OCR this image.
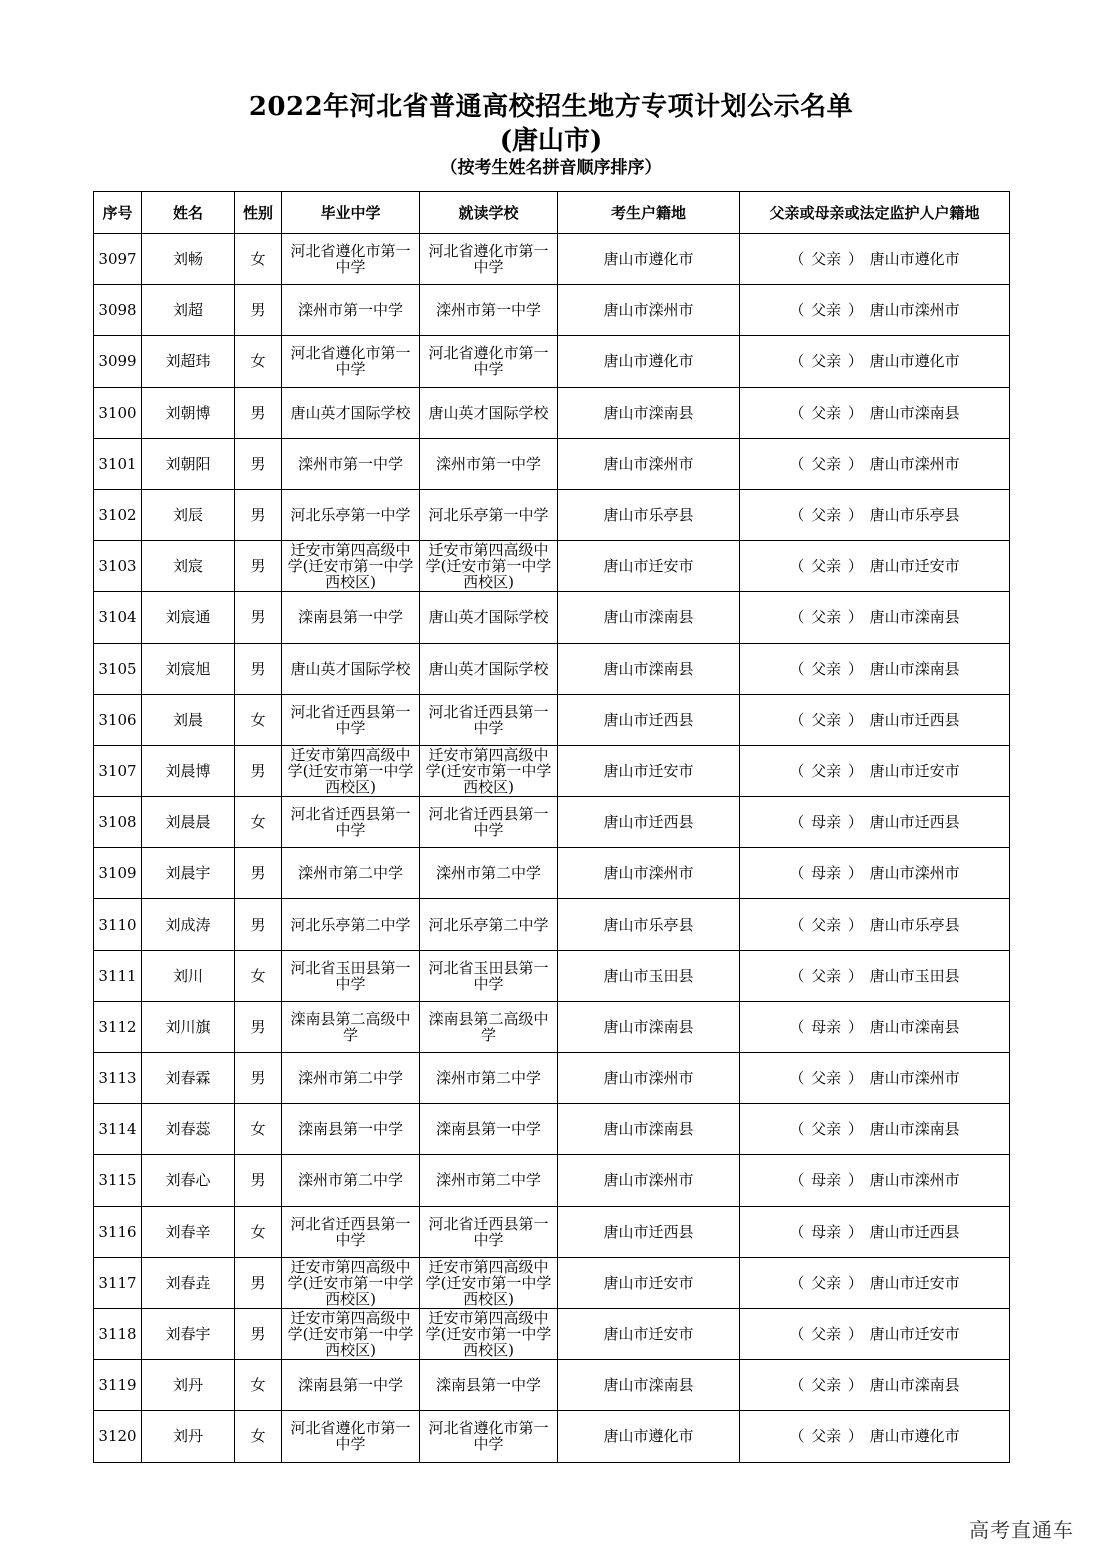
2022年河北省普通高校招生地方专项计划公示名单
(唐山市)
（按考生姓名拼音顺序排序）
序号	姓名	性别	毕业中学	就读学校	考生户籍地	父亲或母亲或法定监护人户籍地
3097	刘畅	女	河北省遵化市第一中学	河北省遵化市第一中学	唐山市遵化市	（ 父亲 ） 唐山市遵化市
3098	刘超	男	滦州市第一中学	滦州市第一中学	唐山市滦州市	（ 父亲 ） 唐山市滦州市
3099	刘超玮	女	河北省遵化市第一中学	河北省遵化市第一中学	唐山市遵化市	（ 父亲 ） 唐山市遵化市
3100	刘朝博	男	唐山英才国际学校	唐山英才国际学校	唐山市滦南县	（ 父亲 ） 唐山市滦南县
3101	刘朝阳	男	滦州市第一中学	滦州市第一中学	唐山市滦州市	（ 父亲 ） 唐山市滦州市
3102	刘辰	男	河北乐亭第一中学	河北乐亭第一中学	唐山市乐亭县	（ 父亲 ） 唐山市乐亭县
3103	刘宸	男	迁安市第四高级中学(迁安市第一中学西校区)	迁安市第四高级中学(迁安市第一中学西校区)	唐山市迁安市	（ 父亲 ） 唐山市迁安市
3104	刘宸通	男	滦南县第一中学	唐山英才国际学校	唐山市滦南县	（ 父亲 ） 唐山市滦南县
3105	刘宸旭	男	唐山英才国际学校	唐山英才国际学校	唐山市滦南县	（ 父亲 ） 唐山市滦南县
3106	刘晨	女	河北省迁西县第一中学	河北省迁西县第一中学	唐山市迁西县	（ 父亲 ） 唐山市迁西县
3107	刘晨博	男	迁安市第四高级中学(迁安市第一中学西校区)	迁安市第四高级中学(迁安市第一中学西校区)	唐山市迁安市	（ 父亲 ） 唐山市迁安市
3108	刘晨晨	女	河北省迁西县第一中学	河北省迁西县第一中学	唐山市迁西县	（ 母亲 ） 唐山市迁西县
3109	刘晨宇	男	滦州市第二中学	滦州市第二中学	唐山市滦州市	（ 母亲 ） 唐山市滦州市
3110	刘成涛	男	河北乐亭第二中学	河北乐亭第二中学	唐山市乐亭县	（ 父亲 ） 唐山市乐亭县
3111	刘川	女	河北省玉田县第一中学	河北省玉田县第一中学	唐山市玉田县	（ 父亲 ） 唐山市玉田县
3112	刘川旗	男	滦南县第二高级中学	滦南县第二高级中学	唐山市滦南县	（ 母亲 ） 唐山市滦南县
3113	刘春霖	男	滦州市第二中学	滦州市第二中学	唐山市滦州市	（ 父亲 ） 唐山市滦州市
3114	刘春蕊	女	滦南县第一中学	滦南县第一中学	唐山市滦南县	（ 父亲 ） 唐山市滦南县
3115	刘春心	男	滦州市第二中学	滦州市第二中学	唐山市滦州市	（ 母亲 ） 唐山市滦州市
3116	刘春辛	女	河北省迁西县第一中学	河北省迁西县第一中学	唐山市迁西县	（ 母亲 ） 唐山市迁西县
3117	刘春垚	男	迁安市第四高级中学(迁安市第一中学西校区)	迁安市第四高级中学(迁安市第一中学西校区)	唐山市迁安市	（ 父亲 ） 唐山市迁安市
3118	刘春宇	男	迁安市第四高级中学(迁安市第一中学西校区)	迁安市第四高级中学(迁安市第一中学西校区)	唐山市迁安市	（ 父亲 ） 唐山市迁安市
3119	刘丹	女	滦南县第一中学	滦南县第一中学	唐山市滦南县	（ 父亲 ） 唐山市滦南县
3120	刘丹	女	河北省遵化市第一中学	河北省遵化市第一中学	唐山市遵化市	（ 父亲 ） 唐山市遵化市
高考直通车
